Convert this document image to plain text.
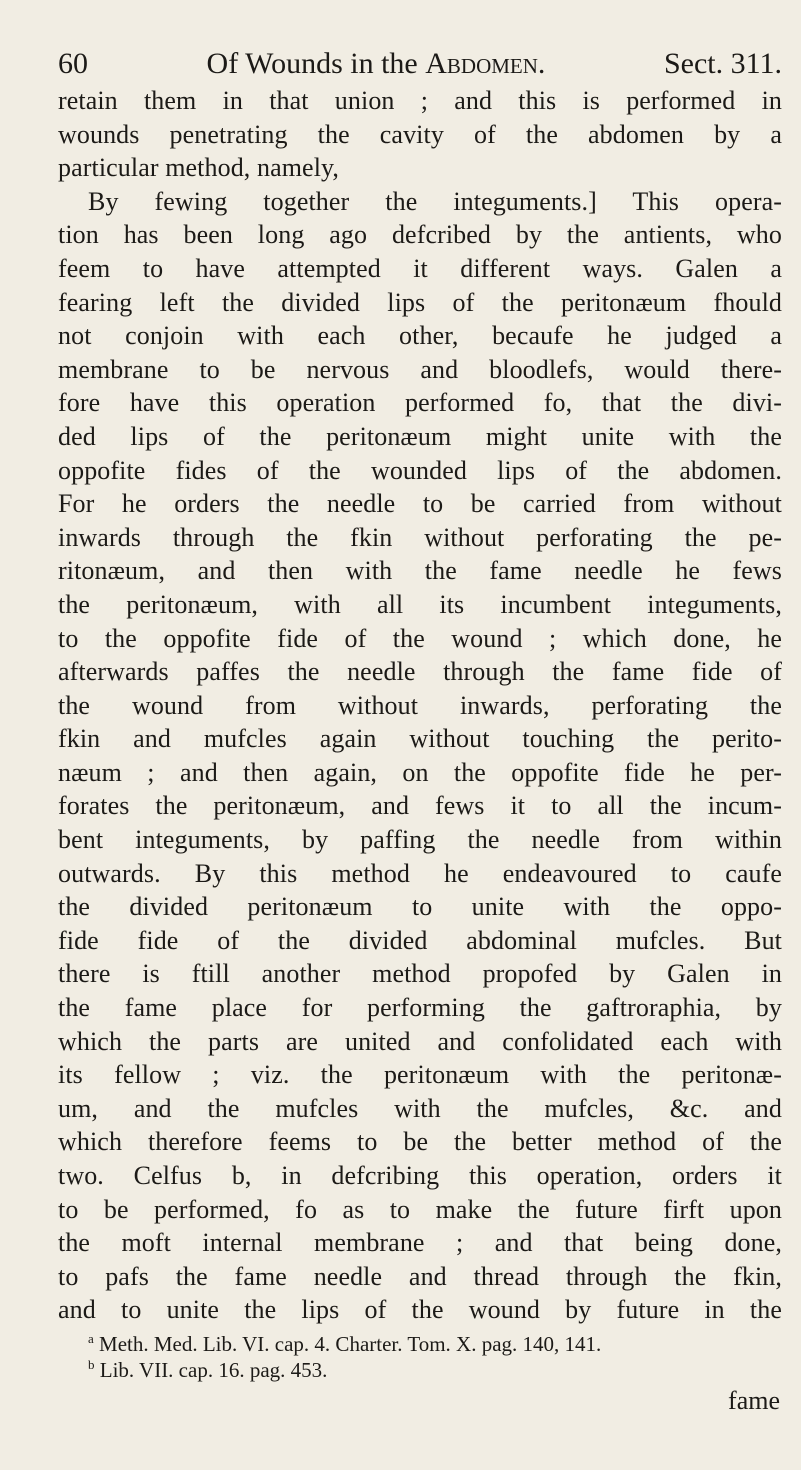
60	Of Wounds in the Abdomen.	Sect. 311.
retain them in that union ; and this is performed in
wounds penetrating the cavity of the abdomen by a
particular method, namely,
By fewing together the integuments.] This opera-
tion has been long ago defcribed by the antients, who
feem to have attempted it different ways. Galen a
fearing left the divided lips of the peritonæum fhould
not conjoin with each other, becaufe he judged a
membrane to be nervous and bloodlefs, would there-
fore have this operation performed fo, that the divi-
ded lips of the peritonæum might unite with the
oppofite fides of the wounded lips of the abdomen.
For he orders the needle to be carried from without
inwards through the fkin without perforating the pe-
ritonæum, and then with the fame needle he fews
the peritonæum, with all its incumbent integuments,
to the oppofite fide of the wound ; which done, he
afterwards paffes the needle through the fame fide of
the wound from without inwards, perforating the
fkin and mufcles again without touching the perito-
næum ; and then again, on the oppofite fide he per-
forates the peritonæum, and fews it to all the incum-
bent integuments, by paffing the needle from within
outwards. By this method he endeavoured to caufe
the divided peritonæum to unite with the oppo-
fide fide of the divided abdominal mufcles. But
there is ftill another method propofed by Galen in
the fame place for performing the gaftroraphia, by
which the parts are united and confolidated each with
its fellow ; viz. the peritonæum with the peritonæ-
um, and the mufcles with the mufcles, &c. and
which therefore feems to be the better method of the
two. Celfus b, in defcribing this operation, orders it
to be performed, fo as to make the future firft upon
the moft internal membrane ; and that being done,
to pafs the fame needle and thread through the fkin,
and to unite the lips of the wound by future in the
$^a$ Meth. Med. Lib. VI. cap. 4. Charter. Tom. X. pag. 140, 141.
$^b$ Lib. VII. cap. 16. pag. 453.
fame
